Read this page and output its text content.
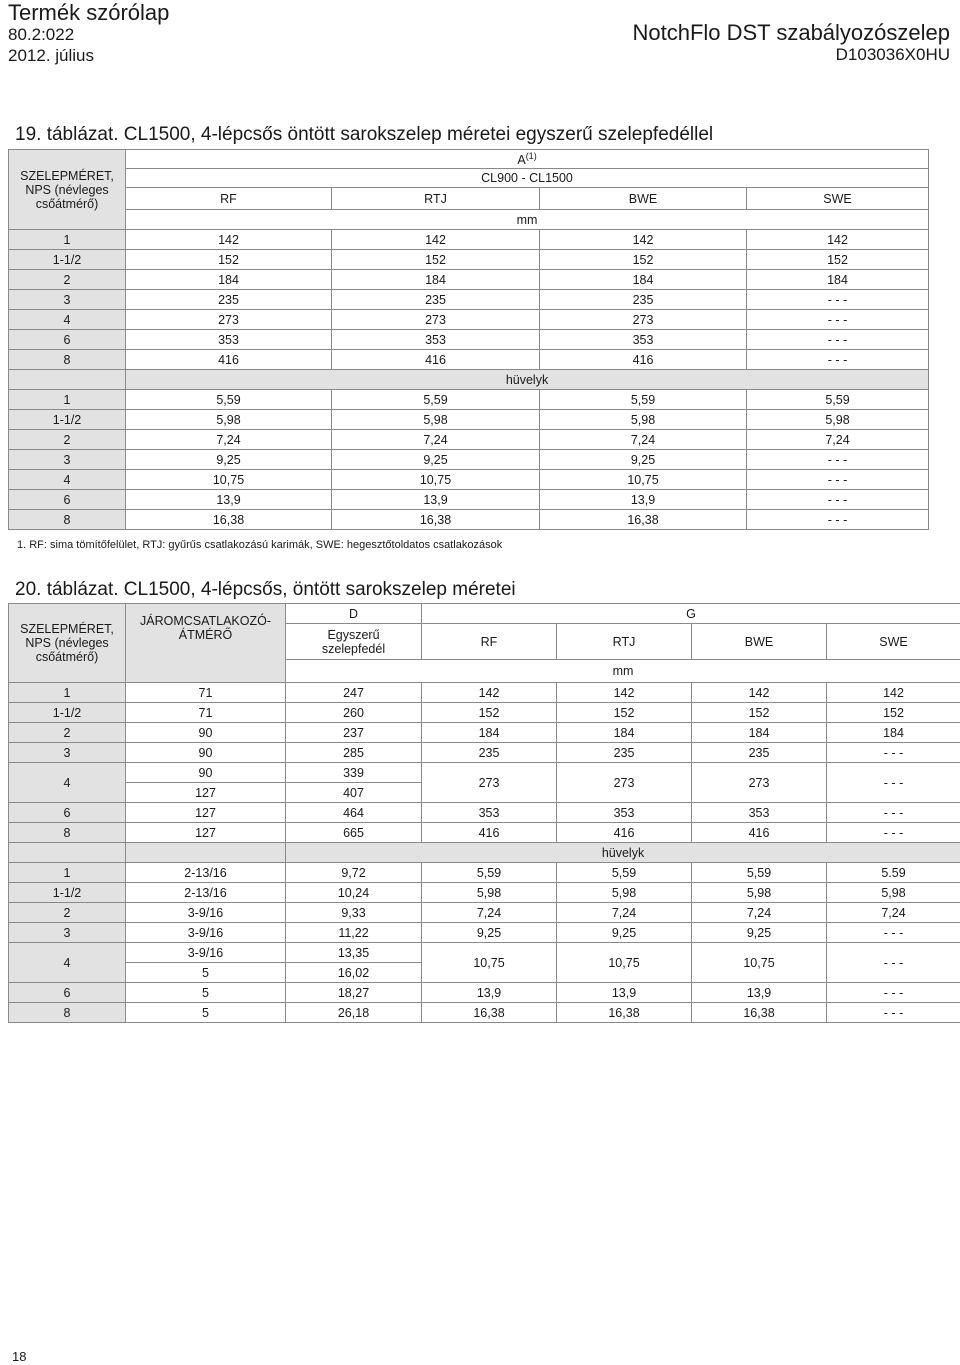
Termék szórólap
80.2:022
2012. július
NotchFlo DST szabályozószelep
D103036X0HU
19. táblázat. CL1500, 4-lépcsős öntött sarokszelep méretei egyszerű szelepfedéllel
SZELEPMÉRET,
NPS (névleges
csőátmérő)	$A^{(1)}$
	CL900 - CL1500			
	RF	RTJ	BWE	SWE
	mm			
1	142	142	142	142
1-1/2	152	152	152	152
2	184	184	184	184
3	235	235	235	- - -
4	273	273	273	- - -
6	353	353	353	- - -
8	416	416	416	- - -
	hüvelyk			
1	5,59	5,59	5,59	5,59
1-1/2	5,98	5,98	5,98	5,98
2	7,24	7,24	7,24	7,24
3	9,25	9,25	9,25	- - -
4	10,75	10,75	10,75	- - -
6	13,9	13,9	13,9	- - -
8	16,38	16,38	16,38	- - -
1. RF: sima tömítőfelület, RTJ: gyűrűs csatlakozású karimák, SWE: hegesztőtoldatos csatlakozások
20. táblázat. CL1500, 4-lépcsős, öntött sarokszelep méretei
SZELEPMÉRET,
NPS (névleges
csőátmérő)	JÁROMCSATLAKOZÓ-
ÁTMÉRŐ	D	G			
		Egyszerű
szelepfedél	RF	RTJ	BWE	SWE
		mm				
1	71	247	142	142	142	142
1-1/2	71	260	152	152	152	152
2	90	237	184	184	184	184
3	90	285	235	235	235	- - -
4	90	339	273	273	273	- - -
	127	407				
6	127	464	353	353	353	- - -
8	127	665	416	416	416	- - -
		hüvelyk				
1	2-13/16	9,72	5,59	5,59	5,59	5.59
1-1/2	2-13/16	10,24	5,98	5,98	5,98	5,98
2	3-9/16	9,33	7,24	7,24	7,24	7,24
3	3-9/16	11,22	9,25	9,25	9,25	- - -
4	3-9/16	13,35	10,75	10,75	10,75	- - -
	5	16,02				
6	5	18,27	13,9	13,9	13,9	- - -
8	5	26,18	16,38	16,38	16,38	- - -
18
